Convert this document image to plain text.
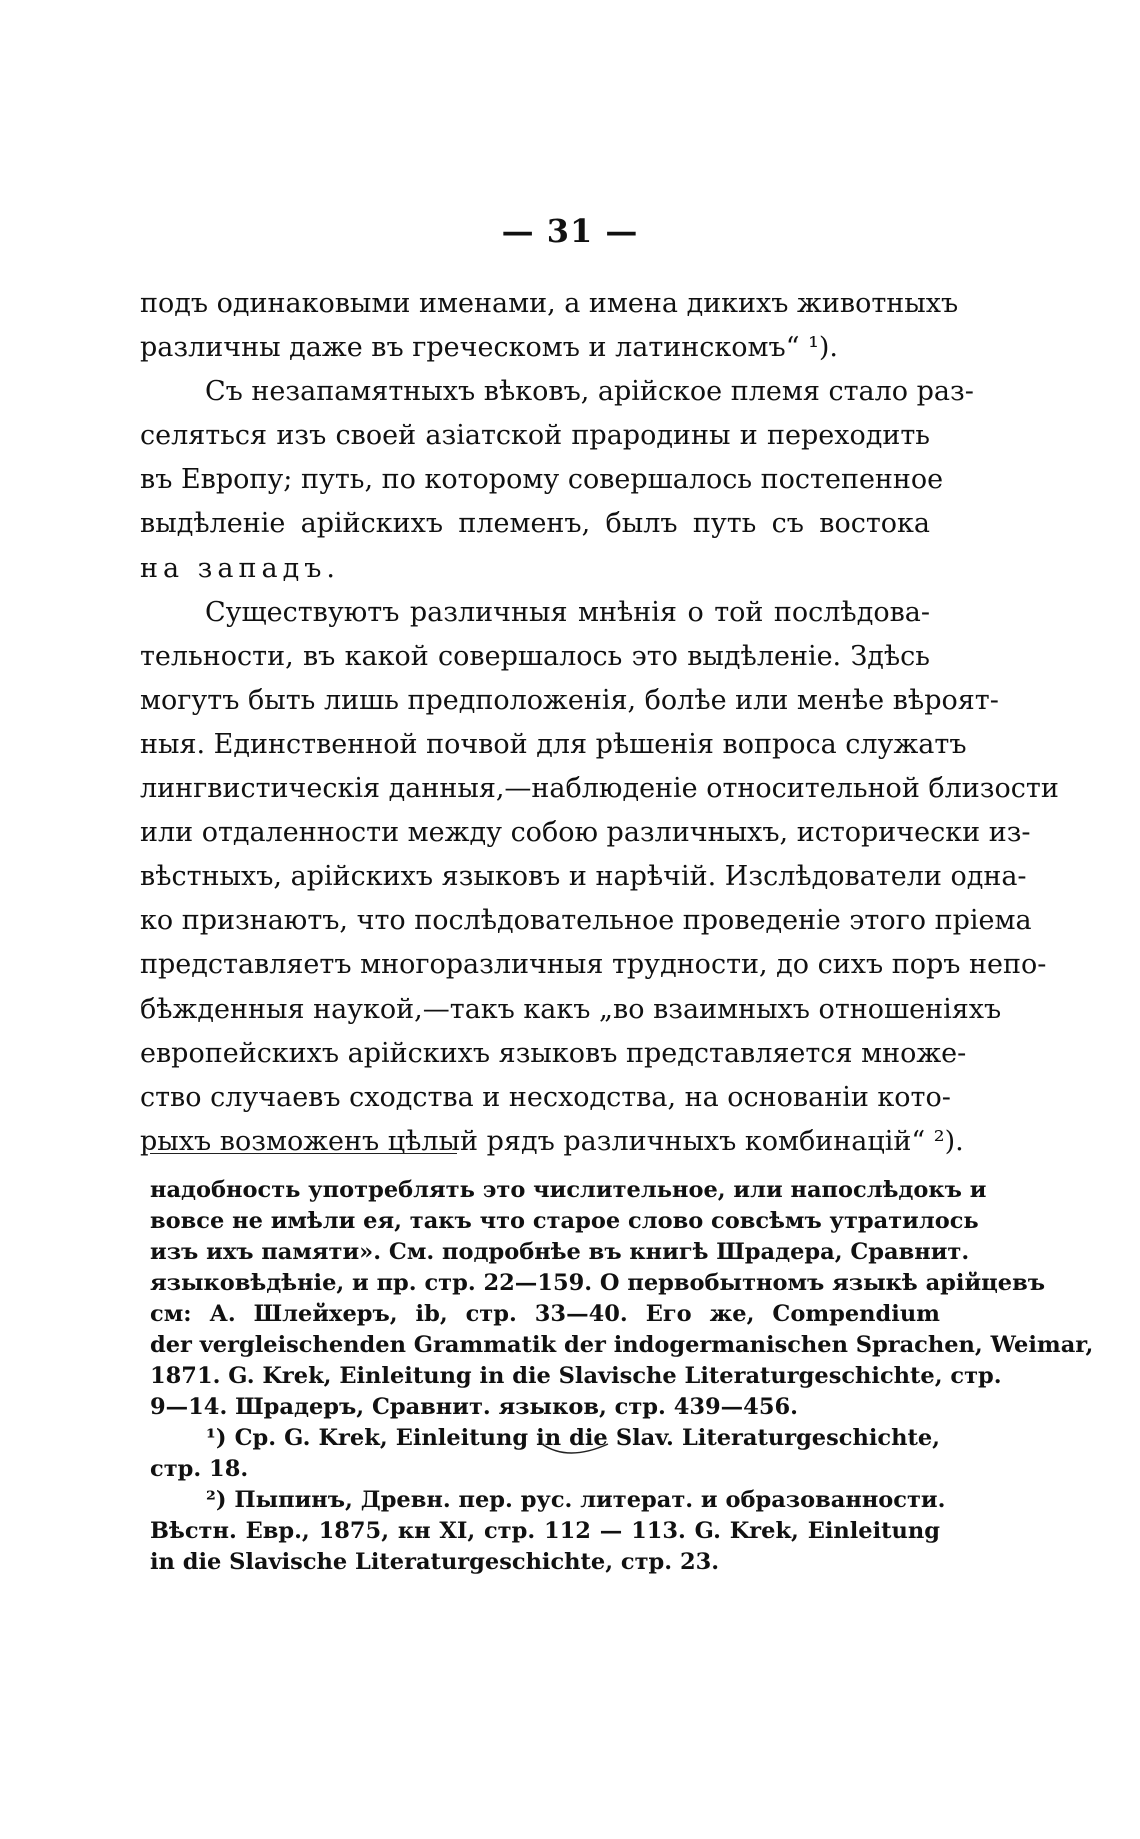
— 31 —
подъ одинаковыми именами, а имена дикихъ животныхъ
различны даже въ греческомъ и латинскомъ“ ¹).
Съ незапамятныхъ вѣковъ, арійское племя стало раз-
селяться изъ своей азіатской прародины и переходить
въ Европу; путь, по которому совершалось постепенное
выдѣленіе арійскихъ племенъ, былъ путь съ востока
на западъ.
Существуютъ различныя мнѣнія о той послѣдова-
тельности, въ какой совершалось это выдѣленіе. Здѣсь
могутъ быть лишь предположенія, болѣе или менѣе вѣроят-
ныя. Единственной почвой для рѣшенія вопроса служатъ
лингвистическія данныя,—наблюденіе относительной близости
или отдаленности между собою различныхъ, исторически из-
вѣстныхъ, арійскихъ языковъ и нарѣчій. Изслѣдователи одна-
ко признаютъ, что послѣдовательное проведеніе этого пріема
представляетъ многоразличныя трудности, до сихъ поръ непо-
бѣжденныя наукой,—такъ какъ „во взаимныхъ отношеніяхъ
европейскихъ арійскихъ языковъ представляется множе-
ство случаевъ сходства и несходства, на основаніи кото-
рыхъ возможенъ цѣлый рядъ различныхъ комбинацій“ ²).
надобность употреблять это числительное, или напослѣдокъ и
вовсе не имѣли ея, такъ что старое слово совсѣмъ утратилось
изъ ихъ памяти». См. подробнѣе въ книгѣ Шрадера, Сравнит.
языковѣдѣніе, и пр. стр. 22—159. О первобытномъ языкѣ арійцевъ
см: А. Шлейхеръ, ib, стр. 33—40. Его же, Compendium
der vergleischenden Grammatik der indogermanischen Sprachen, Weimar,
1871. G. Krek, Einleitung in die Slavische Literaturgeschichte, стр.
9—14. Шрадеръ, Сравнит. языков, стр. 439—456.
¹) Ср. G. Krek, Einleitung in die Slav. Literaturgeschichte,
стр. 18.
²) Пыпинъ, Древн. пер. рус. литерат. и образованности.
Вѣстн. Евр., 1875, кн XI, стр. 112 — 113. G. Krek, Einleitung
in die Slavische Literaturgeschichte, стр. 23.
